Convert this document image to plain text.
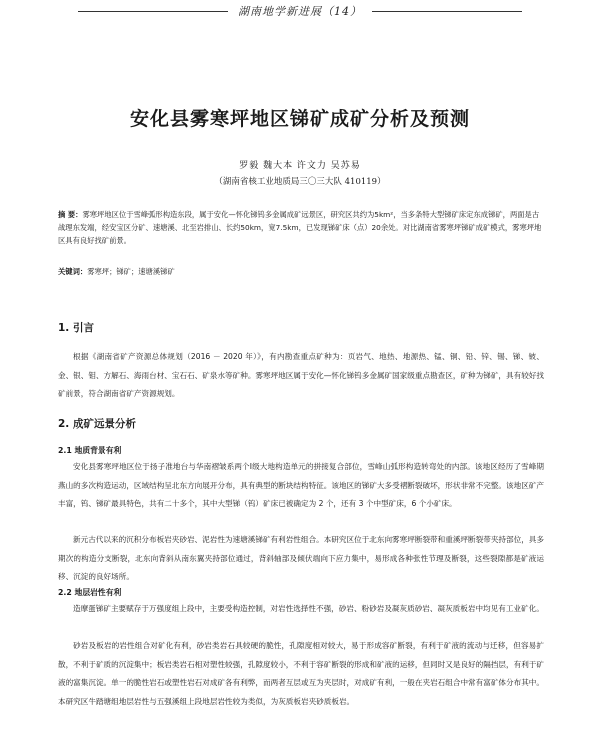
湖南地学新进展（14）
安化县雾寒坪地区锑矿成矿分析及预测
罗毅 魏大本 许文力 吴苏易
（湖南省核工业地质局三〇三大队 410119）
摘 要：雾寒坪地区位于雪峰弧形构造东段，属于安化—怀化锑钨多金属成矿远景区，研究区共约为5km²，当多条特大型锑矿床定东成锑矿，两面是古战理东发端，经安宝区分矿、速塘溪、北至岩排山、长约50km，宽7.5km，已发现锑矿床（点）20余处。对比湖南省雾寒坪锑矿成矿模式，雾寒坪地区具有良好找矿前景。
关键词：雾寒坪；锑矿；速塘溪锑矿
1. 引言
根据《湖南省矿产资源总体规划（2016 － 2020 年）》，有内勘查重点矿种为：页岩气、地热、地源热、锰、铜、铅、锌、锡、锑、铍、金、银、钼、方解石、海雨台材、宝石石、矿泉水等矿种。雾寒坪地区属于安化—怀化锑钨多金属矿国家级重点勘查区，矿种为锑矿，具有较好找矿前景，符合湖南省矿产资源规划。
2. 成矿远景分析
2.1 地质背景有利
安化县雾寒坪地区位于扬子准地台与华南褶皱系两个Ⅰ级大地构造单元的拼接复合部位，雪峰山弧形构造转弯处的内部。该地区经历了雪峰期燕山的多次构造运动，区域结构呈北东方向展开分布，具有典型的断块结构特征。该地区的锑矿大多受褶断裂破坏，形状非常不完整。该地区矿产丰富，钨、锑矿最具特色，共有二十多个，其中大型锑（钨）矿床已被确定为 2 个，还有 3 个中型矿床，6 个小矿床。
新元古代以来的沉积分布板岩夹砂岩、泥岩性为速塘溪锑矿有利岩性组合。本研究区位于北东向雾寒坪断裂带和重溪坪断裂带夹持部位，具多期次的构造分支断裂，北东向背斜从南东翼夹持部位通过，背斜轴部及倾伏端向下应力集中，易形成各种张性节理及断裂，这些裂隙都是矿液运移、沉淀的良好场所。
2.2 地层岩性有利
造摩蛋锑矿主要赋存于万强度组上段中，主要受构造控制，对岩性选择性不强，砂岩、粉砂岩及凝灰质砂岩、凝灰质板岩中均见有工业矿化。
砂岩及板岩的岩性组合对矿化有利，砂岩类岩石具较硬的脆性，孔隙度相对较大，易于形成容矿断裂，有利于矿液的流动与迁移，但容易扩散，不利于矿质的沉淀集中；板岩类岩石相对塑性较强，孔隙度较小，不利于容矿断裂的形成和矿液的运移，但同时又是良好的隔挡层，有利于矿液的富集沉淀。单一的脆性岩石或塑性岩石对成矿各有利弊，而两者互层或互为夹层时，对成矿有利，一般在夹岩石组合中常有富矿体分布其中。本研究区牛踏塘组地层岩性与五强溪组上段地层岩性较为类似，为灰质板岩夹砂质板岩。
